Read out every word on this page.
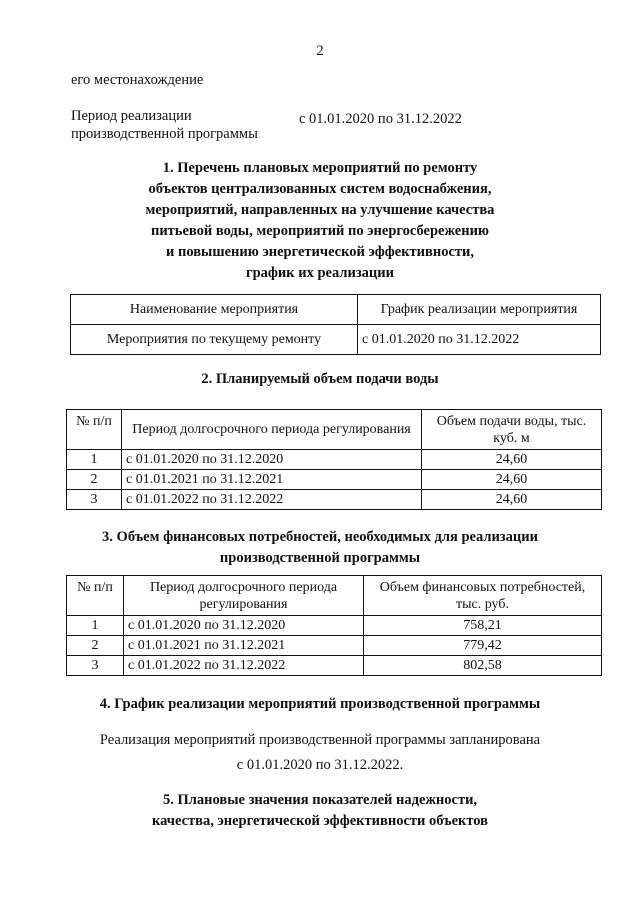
2
его местонахождение
Период реализации
производственной программы
с 01.01.2020 по 31.12.2022
1. Перечень плановых мероприятий по ремонту
объектов централизованных систем водоснабжения,
мероприятий, направленных на улучшение качества
питьевой воды, мероприятий по энергосбережению
и повышению энергетической эффективности,
график их реализации
Наименование мероприятия	График реализации мероприятия
Мероприятия по текущему ремонту	с 01.01.2020 по 31.12.2022
2. Планируемый объем подачи воды
№ п/п	Период долгосрочного периода регулирования	Объем подачи воды, тыс. куб. м
1	с 01.01.2020 по 31.12.2020	24,60
2	с 01.01.2021 по 31.12.2021	24,60
3	с 01.01.2022 по 31.12.2022	24,60
3. Объем финансовых потребностей, необходимых для реализации
производственной программы
№ п/п	Период долгосрочного периода регулирования	Объем финансовых потребностей, тыс. руб.
1	с 01.01.2020 по 31.12.2020	758,21
2	с 01.01.2021 по 31.12.2021	779,42
3	с 01.01.2022 по 31.12.2022	802,58
4. График реализации мероприятий производственной программы
Реализация мероприятий производственной программы запланирована
с 01.01.2020 по 31.12.2022.
5. Плановые значения показателей надежности,
качества, энергетической эффективности объектов
